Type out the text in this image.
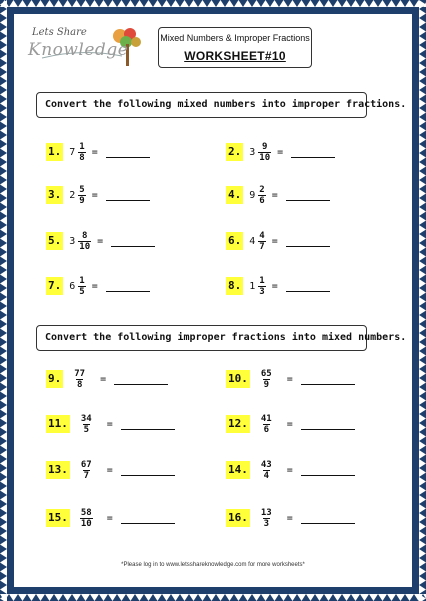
Lets Share
Knowledge
Mixed Numbers & Improper Fractions
WORKSHEET#10
Convert the following mixed numbers into improper fractions.
1. $7 \frac{1}{8}$ =	2. $3 \frac{9}{10}$ =
3. $2 \frac{5}{9}$ =	4. $9 \frac{2}{6}$ =
5. $3 \frac{8}{10}$ =	6. $4 \frac{4}{7}$ =
7. $6 \frac{1}{5}$ =	8. $1 \frac{1}{3}$ =
Convert the following improper fractions into mixed numbers.
9. $\frac{77}{8}$ =	10. $\frac{65}{9}$ =
11. $\frac{34}{5}$ =	12. $\frac{41}{6}$ =
13. $\frac{67}{7}$ =	14. $\frac{43}{4}$ =
15. $\frac{58}{10}$ =	16. $\frac{13}{3}$ =
*Please log in to www.letsshareknowledge.com for more worksheets*
